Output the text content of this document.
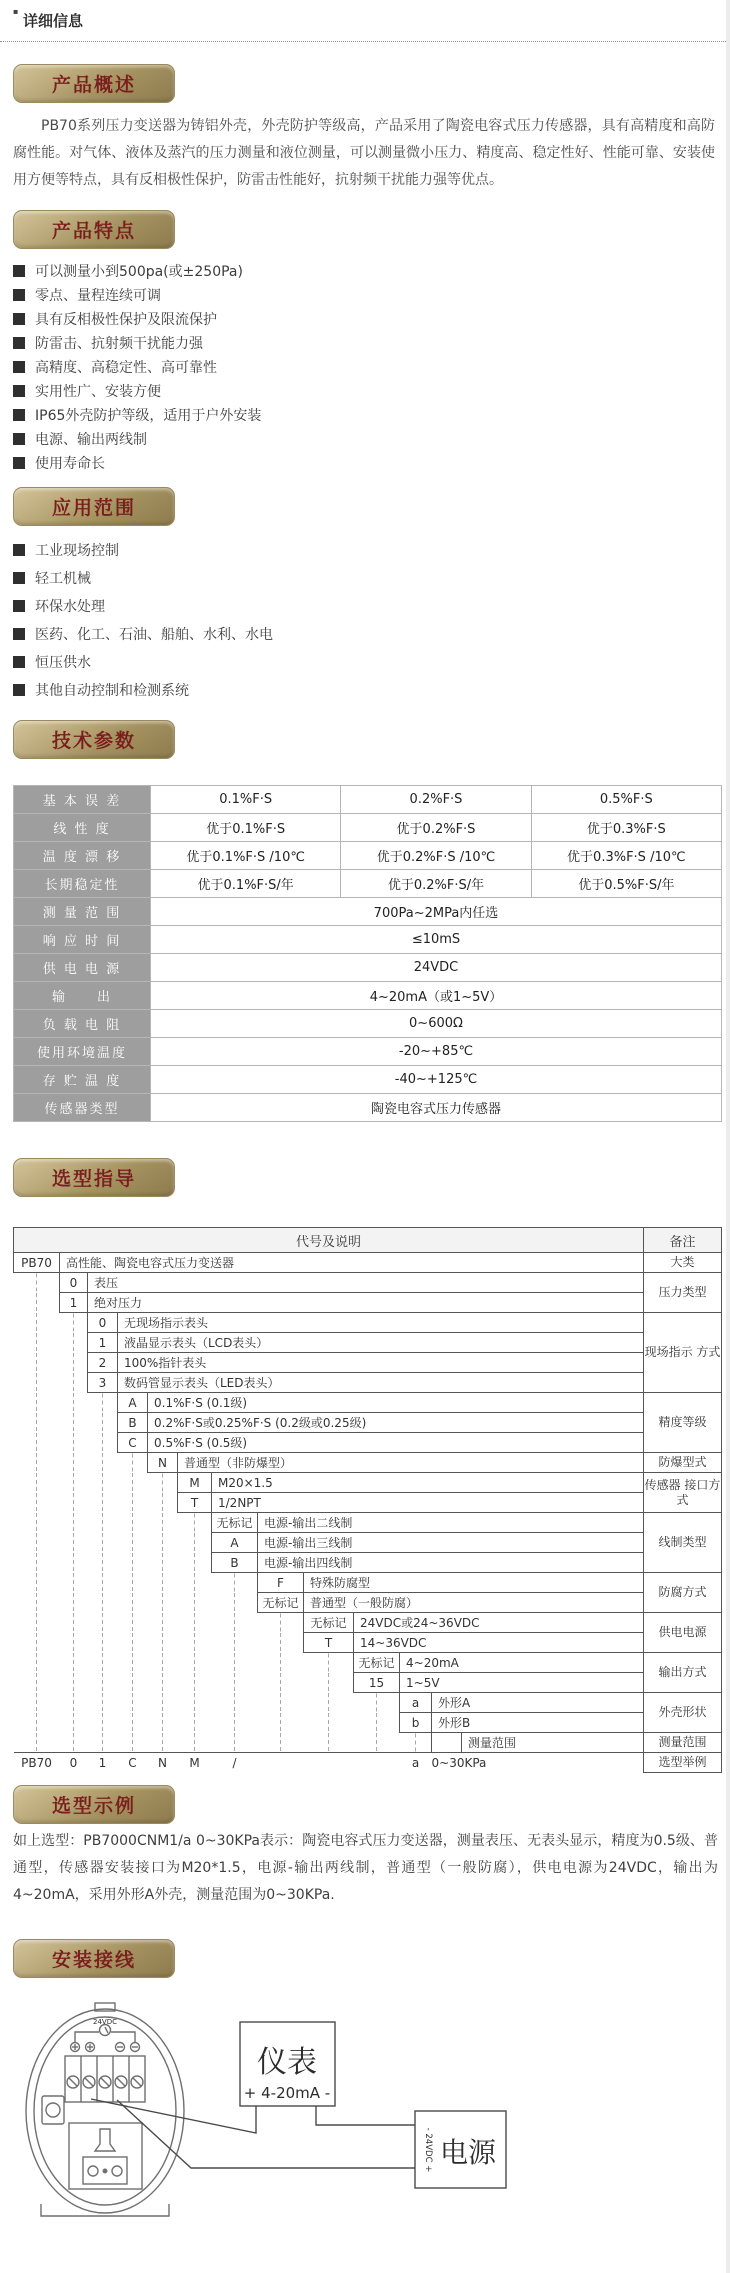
▪
详细信息
产品概述
PB70系列压力变送器为铸铝外壳，外壳防护等级高，产品采用了陶瓷电容式压力传感器，具有高精度和高防腐性能。对气体、液体及蒸汽的压力测量和液位测量，可以测量微小压力、精度高、稳定性好、性能可靠、安装使用方便等特点，具有反相极性保护，防雷击性能好，抗射频干扰能力强等优点。
产品特点
可以测量小到500pa(或±250Pa)
零点、量程连续可调
具有反相极性保护及限流保护
防雷击、抗射频干扰能力强
高精度、高稳定性、高可靠性
实用性广、安装方便
IP65外壳防护等级，适用于户外安装
电源、输出两线制
使用寿命长
应用范围
工业现场控制
轻工机械
环保水处理
医药、化工、石油、船舶、水利、水电
恒压供水
其他自动控制和检测系统
技术参数
基 本 误 差	0.1%F·S	0.2%F·S	0.5%F·S
线 性 度	优于0.1%F·S	优于0.2%F·S	优于0.3%F·S
温 度 漂 移	优于0.1%F·S /10℃	优于0.2%F·S /10℃	优于0.3%F·S /10℃
长期稳定性	优于0.1%F·S/年	优于0.2%F·S/年	优于0.5%F·S/年
测 量 范 围	700Pa~2MPa内任选		
响 应 时 间	≤10mS		
供 电 电 源	24VDC		
输　　出	4~20mA（或1~5V）		
负 载 电 阻	0~600Ω		
使用环境温度	-20~+85℃		
存 贮 温 度	-40~+125℃		
传感器类型	陶瓷电容式压力传感器		
选型指导
代号及说明													备注
PB70	高性能、陶瓷电容式压力变送器												大类
	0	表压											压力类型
	1	绝对压力											
		0	无现场指示表头										现场指示 方式
		1	液晶显示表头（LCD表头）										
		2	100%指针表头										
		3	数码管显示表头（LED表头）										
			A	0.1%F·S (0.1级)									精度等级
			B	0.2%F·S或0.25%F·S (0.2级或0.25级)									
			C	0.5%F·S (0.5级)									
				N	普通型（非防爆型）								防爆型式
					M	M20×1.5							传感器 接口方式
					T	1/2NPT							
						无标记	电源-输出二线制						线制类型
						A	电源-输出三线制						
						B	电源-输出四线制						
							F	特殊防腐型					防腐方式
							无标记	普通型（一般防腐）					
								无标记	24VDC或24~36VDC				供电电源
								T	14~36VDC				
									无标记	4~20mA			输出方式
									15	1~5V			
										a	外形A		外壳形状
										b	外形B		
												测量范围	测量范围
PB70	0	1	C	N	M	/				a	0~30KPa		选型举例
选型示例
如上选型：PB7000CNM1/a 0~30KPa表示：陶瓷电容式压力变送器，测量表压、无表头显示，精度为0.5级、普通型，传感器安装接口为M20*1.5，电源-输出两线制，普通型（一般防腐），供电电源为24VDC，输出为4~20mA，采用外形A外壳，测量范围为0~30KPa.
安装接线
24VDC
仪表
+ 4-20mA -
电源
- 24VDC +
